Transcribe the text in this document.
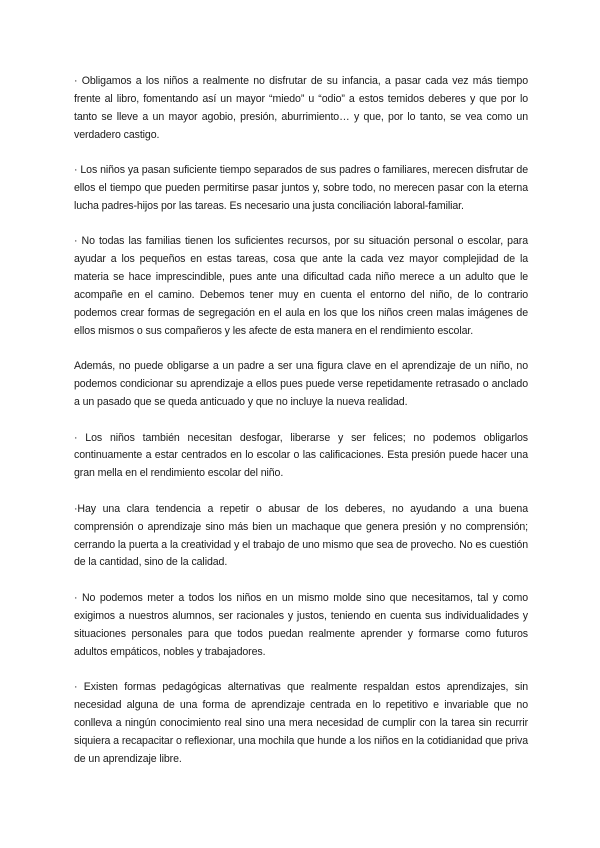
· Obligamos a los niños a realmente no disfrutar de su infancia, a pasar cada vez más tiempo frente al libro, fomentando así un mayor “miedo” u “odio” a estos temidos deberes y que por lo tanto se lleve a un mayor agobio, presión, aburrimiento… y que, por lo tanto, se vea como un verdadero castigo.

· Los niños ya pasan suficiente tiempo separados de sus padres o familiares, merecen disfrutar de ellos el tiempo que pueden permitirse pasar juntos y, sobre todo, no merecen pasar con la eterna lucha padres-hijos por las tareas. Es necesario una justa conciliación laboral-familiar.

· No todas las familias tienen los suficientes recursos, por su situación personal o escolar, para ayudar a los pequeños en estas tareas, cosa que ante la cada vez mayor complejidad de la materia se hace imprescindible, pues ante una dificultad cada niño merece a un adulto que le acompañe en el camino. Debemos tener muy en cuenta el entorno del niño, de lo contrario podemos crear formas de segregación en el aula en los que los niños creen malas imágenes de ellos mismos o sus compañeros y les afecte de esta manera en el rendimiento escolar.

Además, no puede obligarse a un padre a ser una figura clave en el aprendizaje de un niño, no podemos condicionar su aprendizaje a ellos pues puede verse repetidamente retrasado o anclado a un pasado que se queda anticuado y que no incluye la nueva realidad.

· Los niños también necesitan desfogar, liberarse y ser felices; no podemos obligarlos continuamente a estar centrados en lo escolar o las calificaciones. Esta presión puede hacer una gran mella en el rendimiento escolar del niño.

·Hay una clara tendencia a repetir o abusar de los deberes, no ayudando a una buena comprensión o aprendizaje sino más bien un machaque que genera presión y no comprensión; cerrando la puerta a la creatividad y el trabajo de uno mismo que sea de provecho. No es cuestión de la cantidad, sino de la calidad.

· No podemos meter a todos los niños en un mismo molde sino que necesitamos, tal y como exigimos a nuestros alumnos, ser racionales y justos, teniendo en cuenta sus individualidades y situaciones personales para que todos puedan realmente aprender y formarse como futuros adultos empáticos, nobles y trabajadores.

· Existen formas pedagógicas alternativas que realmente respaldan estos aprendizajes, sin necesidad alguna de una forma de aprendizaje centrada en lo repetitivo e invariable que no conlleva a ningún conocimiento real sino una mera necesidad de cumplir con la tarea sin recurrir siquiera a recapacitar o reflexionar, una mochila que hunde a los niños en la cotidianidad que priva de un aprendizaje libre.
